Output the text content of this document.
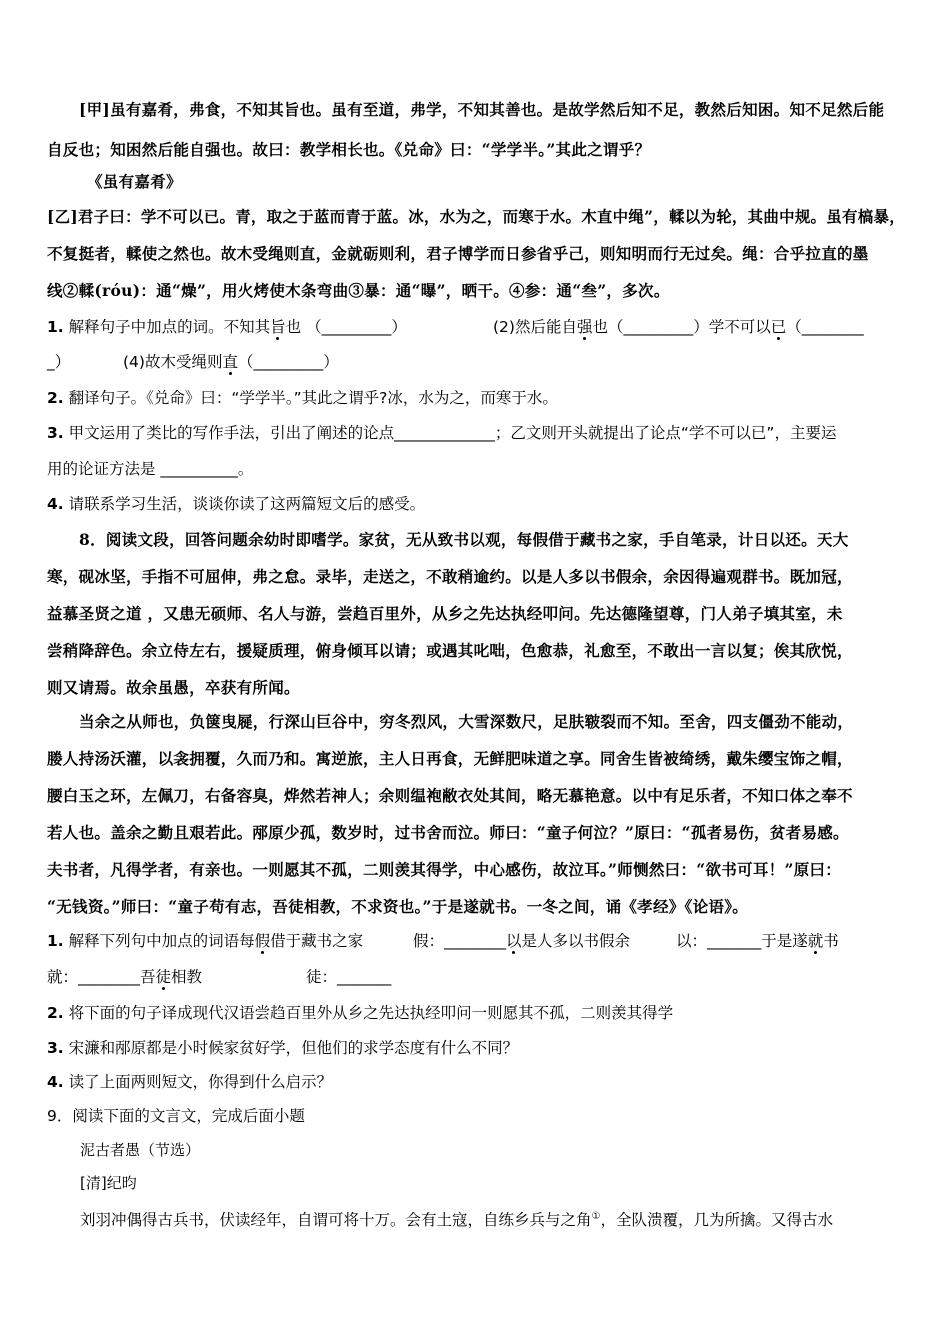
[甲]虽有嘉肴，弗食，不知其旨也。虽有至道，弗学，不知其善也。是故学然后知不足，教然后知困。知不足然后能

自反也；知困然后能自强也。故曰：教学相长也。《兑命》曰：“学学半。”其此之谓乎？

《虽有嘉肴》

[乙]君子曰：学不可以已。青，取之于蓝而青于蓝。冰，水为之，而寒于水。木直中绳”，輮以为轮，其曲中规。虽有槁暴，

不复挺者，輮使之然也。故木受绳则直，金就砺则利，君子博学而日参省乎己，则知明而行无过矣。绳：合乎拉直的墨

线②輮(róu)：通“燥”，用火烤使木条弯曲③暴：通“曝”，晒干。④参：通“叁”，多次。

1. 解释句子中加点的词。不知其旨也 （_________）	(2)然后能自强也（_________）学不可以已（________

_）	(4)故木受绳则直（_________）

2. 翻译句子。《兑命》曰：“学学半。”其此之谓乎?冰，水为之，而寒于水。

3. 甲文运用了类比的写作手法，引出了阐述的论点_____________；乙文则开头就提出了论点“学不可以已”，主要运

用的论证方法是 __________。

4. 请联系学习生活，谈谈你读了这两篇短文后的感受。

8．阅读文段，回答问题余幼时即嗜学。家贫，无从致书以观，每假借于藏书之家，手自笔录，计日以还。天大

寒，砚冰坚，手指不可屈伸，弗之怠。录毕，走送之，不敢稍逾约。以是人多以书假余，余因得遍观群书。既加冠，

益慕圣贤之道 ，又患无硕师、名人与游，尝趋百里外，从乡之先达执经叩问。先达德隆望尊，门人弟子填其室，未

尝稍降辞色。余立侍左右，援疑质理，俯身倾耳以请；或遇其叱咄，色愈恭，礼愈至，不敢出一言以复；俟其欣悦，

则又请焉。故余虽愚，卒获有所闻。

当余之从师也，负箧曳屣，行深山巨谷中，穷冬烈风，大雪深数尺，足肤皲裂而不知。至舍，四支僵劲不能动，

媵人持汤沃灌，以衾拥覆，久而乃和。寓逆旅，主人日再食，无鲜肥味道之享。同舍生皆被绮绣，戴朱缨宝饰之帽，

腰白玉之环，左佩刀，右备容臭，烨然若神人；余则缊袍敝衣处其间，略无慕艳意。以中有足乐者，不知口体之奉不

若人也。盖余之勤且艰若此。邴原少孤，数岁时，过书舍而泣。师曰：“童子何泣？”原曰：“孤者易伤，贫者易感。

夫书者，凡得学者，有亲也。一则愿其不孤，二则羡其得学，中心感伤，故泣耳。”师恻然曰：“欲书可耳！”原曰：

“无钱资。”师曰：“童子苟有志，吾徒相教，不求资也。”于是遂就书。一冬之间，诵《孝经》《论语》。

1. 解释下列句中加点的词语每假借于藏书之家	假：________以是人多以书假余	以：_______于是遂就书

就：________吾徒相教	徒：_______

2. 将下面的句子译成现代汉语尝趋百里外从乡之先达执经叩问一则愿其不孤，二则羡其得学

3. 宋濂和邴原都是小时候家贫好学，但他们的求学态度有什么不同？

4. 读了上面两则短文，你得到什么启示？

9．阅读下面的文言文，完成后面小题

泥古者愚（节选）

[清]纪昀

刘羽冲偶得古兵书，伏读经年，自谓可将十万。会有土寇，自练乡兵与之角①，全队溃覆，几为所擒。又得古水
